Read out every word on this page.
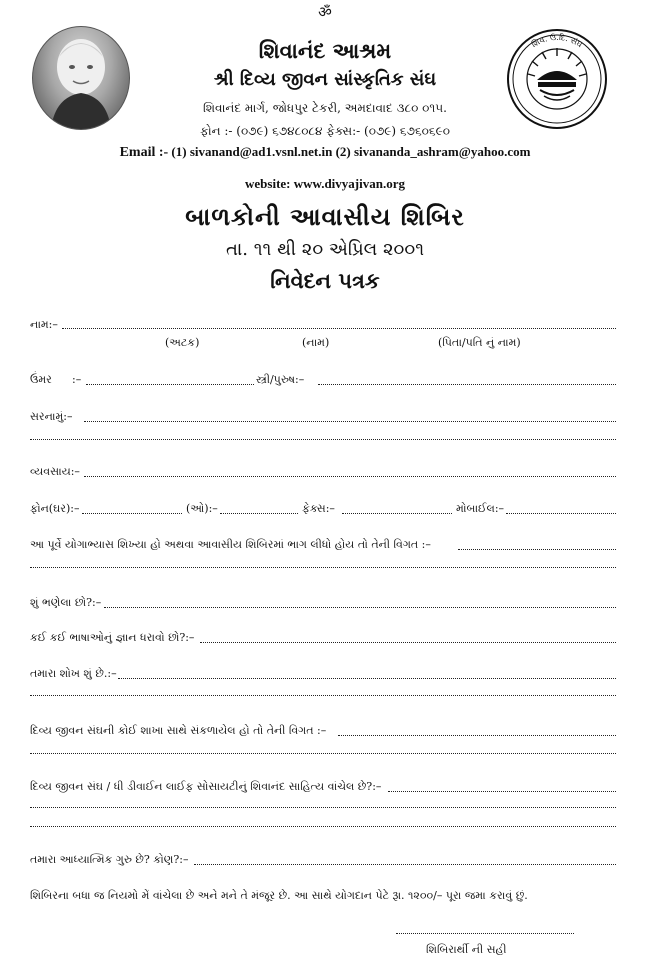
ॐ
શિવ. ઉ.દિ. સંઘ
શિવાનંદ આશ્રમ
શ્રી દિવ્ય જીવન સાંસ્કૃતિક સંઘ
શિવાનંદ માર્ગ, જોધપુર ટેકરી, અમદાવાદ ૩૮૦ ૦૧૫.
ફોન :- (૦૭૯) ૬૭૪૮૦૮૪ ફેક્સ:- (૦૭૯) ૬૭૬૦૬૯૦
Email :- (1) sivanand@ad1.vsnl.net.in (2) sivananda_ashram@yahoo.com
website: www.divyajivan.org
બાળકોની આવાસીય શિબિર
તા. ૧૧ થી ૨૦ એપ્રિલ ૨૦૦૧
નિવેદન પત્રક
નામ:–
(અટક)	(નામ)	(પિતા/પતિ નું નામ)
ઉંમર :–	સ્ત્રી/પુરુષ:–
સરનામું:–
વ્યવસાય:–
ફોન(ઘર):–	(ઓ):–	ફેક્સ:–	મોબાઈલ:–
આ પૂર્વે યોગાભ્યાસ શિખ્યા હો અથવા આવાસીય શિબિરમાં ભાગ લીધો હોય તો તેની વિગત :–
શું ભણેલા છો?:–
કઈ કઈ ભાષાઓનું જ્ઞાન ધરાવો છો?:–
તમારા શોખ શું છે.:–
દિવ્ય જીવન સંઘની કોઈ શાખા સાથે સંકળાયેલ હો તો તેની વિગત :–
દિવ્ય જીવન સંઘ / ધી ડીવાઈન લાઈફ સોસાયટીનું શિવાનંદ સાહિત્ય વાંચેલ છે?:–
તમારા આધ્યાત્મિક ગુરુ છે? કોણ?:–
શિબિરના બધા જ નિયમો મેં વાંચેલા છે અને મને તે મંજૂર છે. આ સાથે યોગદાન પેટે રૂા. ૧૨૦૦/– પૂરા જમા કરાવું છું.
શિબિરાર્થી ની સહી
